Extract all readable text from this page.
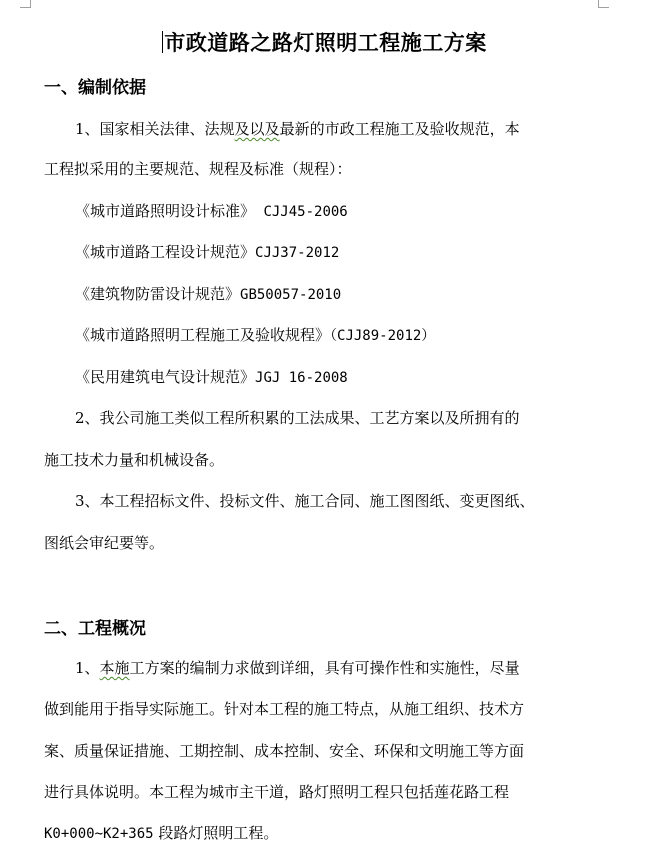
市政道路之路灯照明工程施工方案
一、编制依据
1、国家相关法律、法规及以及最新的市政工程施工及验收规范，本
工程拟采用的主要规范、规程及标准（规程）：
《城市道路照明设计标准》 CJJ45-2006
《城市道路工程设计规范》CJJ37-2012
《建筑物防雷设计规范》GB50057-2010
《城市道路照明工程施工及验收规程》（CJJ89-2012）
《民用建筑电气设计规范》JGJ 16-2008
2、我公司施工类似工程所积累的工法成果、工艺方案以及所拥有的
施工技术力量和机械设备。
3、本工程招标文件、投标文件、施工合同、施工图图纸、变更图纸、
图纸会审纪要等。
二、工程概况
1、本施工方案的编制力求做到详细，具有可操作性和实施性，尽量
做到能用于指导实际施工。针对本工程的施工特点，从施工组织、技术方
案、质量保证措施、工期控制、成本控制、安全、环保和文明施工等方面
进行具体说明。本工程为城市主干道，路灯照明工程只包括莲花路工程
K0+000~K2+365 段路灯照明工程。
